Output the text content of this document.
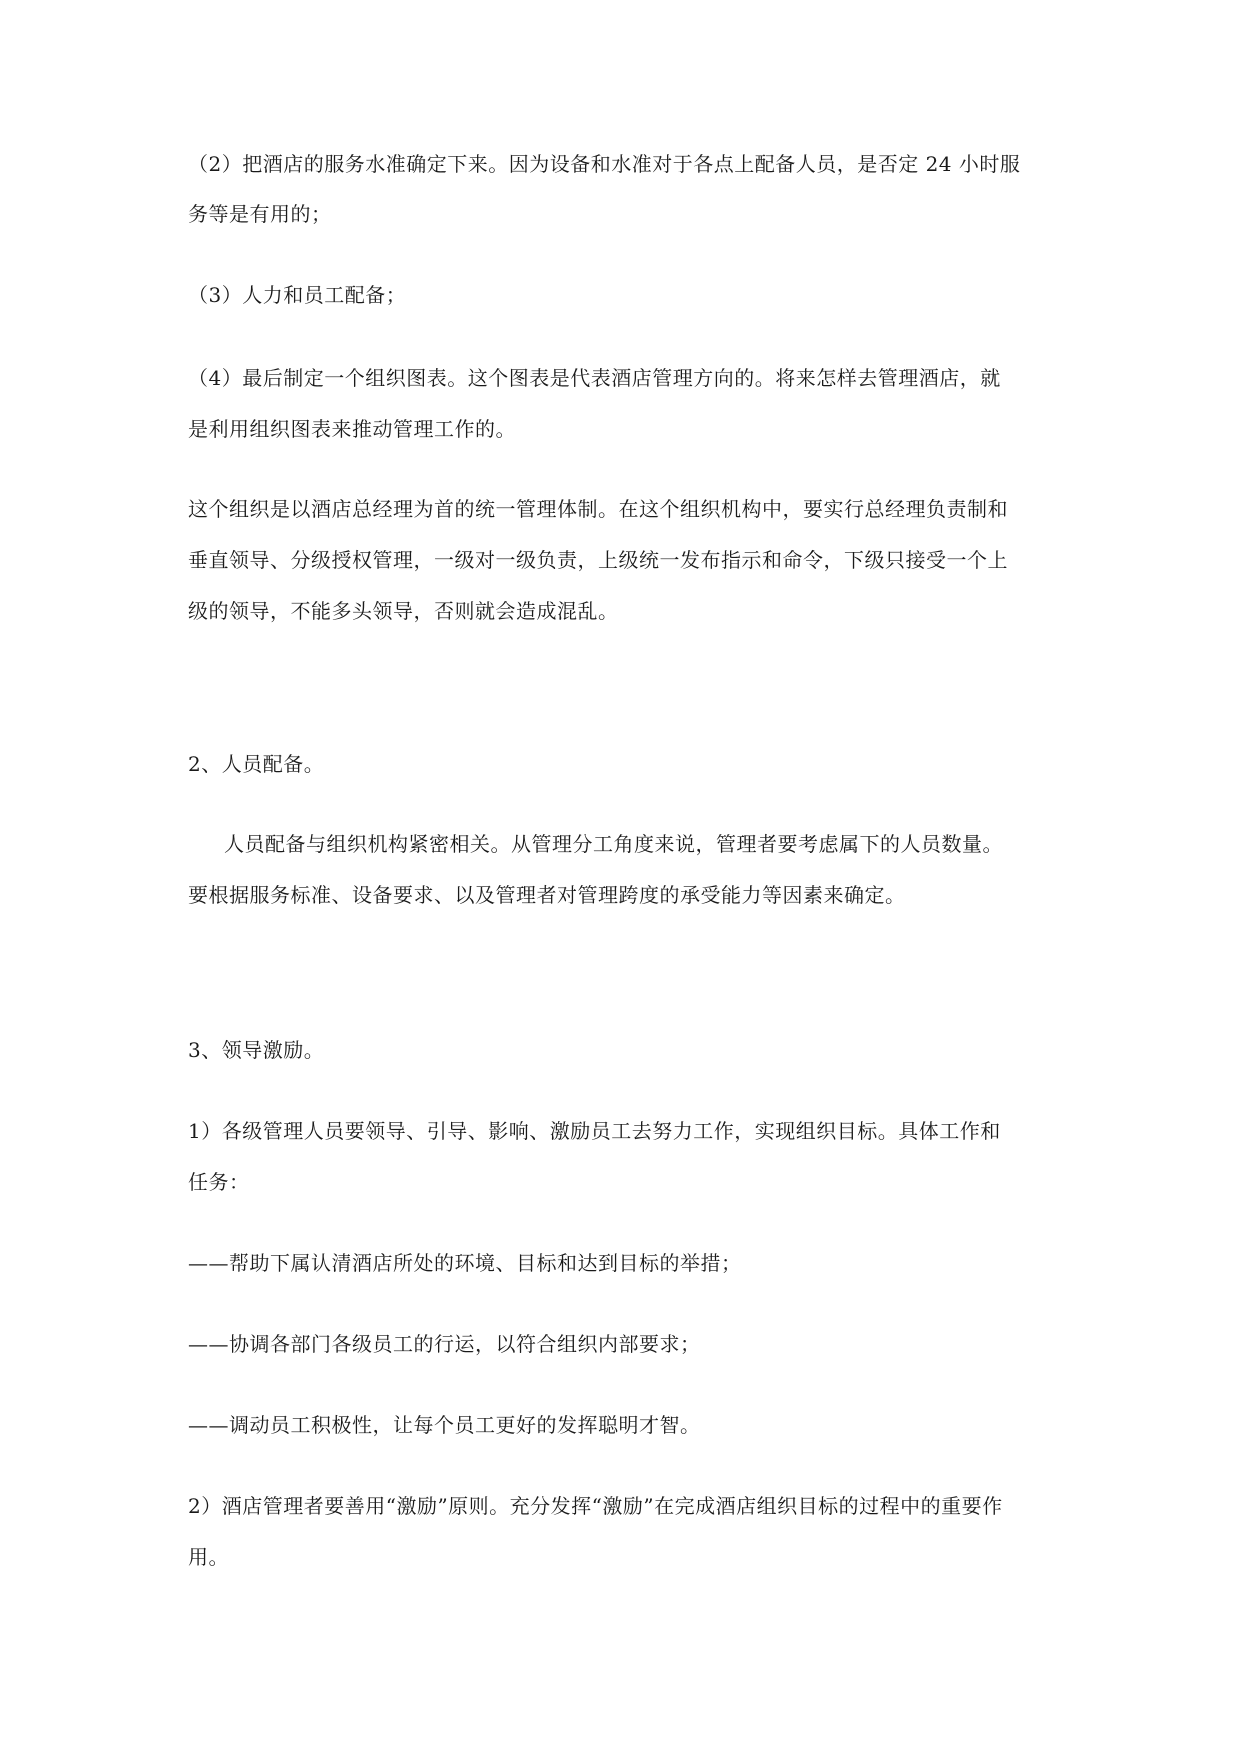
（2）把酒店的服务水准确定下来。因为设备和水准对于各点上配备人员，是否定 24 小时服
务等是有用的；
（3）人力和员工配备；
（4）最后制定一个组织图表。这个图表是代表酒店管理方向的。将来怎样去管理酒店，就
是利用组织图表来推动管理工作的。
这个组织是以酒店总经理为首的统一管理体制。在这个组织机构中，要实行总经理负责制和
垂直领导、分级授权管理，一级对一级负责，上级统一发布指示和命令，下级只接受一个上
级的领导，不能多头领导，否则就会造成混乱。
2、人员配备。
人员配备与组织机构紧密相关。从管理分工角度来说，管理者要考虑属下的人员数量。
要根据服务标准、设备要求、以及管理者对管理跨度的承受能力等因素来确定。
3、领导激励。
1）各级管理人员要领导、引导、影响、激励员工去努力工作，实现组织目标。具体工作和
任务：
——帮助下属认清酒店所处的环境、目标和达到目标的举措；
——协调各部门各级员工的行运，以符合组织内部要求；
——调动员工积极性，让每个员工更好的发挥聪明才智。
2）酒店管理者要善用“激励”原则。充分发挥“激励”在完成酒店组织目标的过程中的重要作
用。
